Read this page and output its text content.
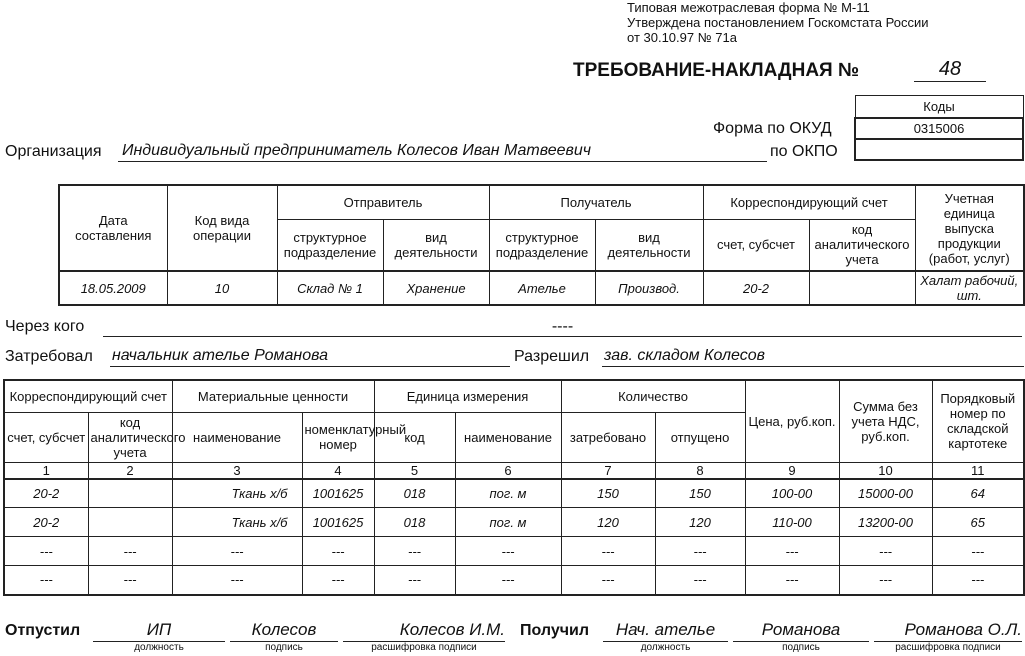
Типовая межотраслевая форма № М-11
Утверждена постановлением Госкомстата России
от 30.10.97 № 71а
ТРЕБОВАНИЕ-НАКЛАДНАЯ №	48
Коды
0315006

Форма по ОКУД
по ОКПО
Организация Индивидуальный предприниматель Колесов Иван Матвеевич
Дата составления	Код вида операции	Отправитель		Получатель		Корреспондирующий счет		Учетная единица выпуска продукции (работ, услуг)
		структурное подразделение	вид деятельности	структурное подразделение	вид деятельности	счет, субсчет	код аналитического учета	
18.05.2009	10	Склад № 1	Хранение	Ателье	Производ.	20-2		Халат рабочий, шт.
Через кого	----
Затребовал начальник ателье Романова	Разрешил зав. складом Колесов
Корреспондирующий счет		Материальные ценности		Единица измерения		Количество		Цена, руб.коп.	Сумма без учета НДС, руб.коп.	Порядковый номер по складской картотеке
счет, субсчет	код аналитического учета	наименование	номенклатурный номер	код	наименование	затребовано	отпущено			
1	2	3	4	5	6	7	8	9	10	11
20-2		Ткань х/б	1001625	018	пог. м	150	150	100-00	15000-00	64
20-2		Ткань х/б	1001625	018	пог. м	120	120	110-00	13200-00	65
---	---	---	---	---	---	---	---	---	---	---
---	---	---	---	---	---	---	---	---	---	---
Отпустил	ИП	Колесов	Колесов И.М. Получил	Нач. ателье	Романова	Романова О.Л.
должность	подпись	расшифровка подписи	должность	подпись	расшифровка подписи
